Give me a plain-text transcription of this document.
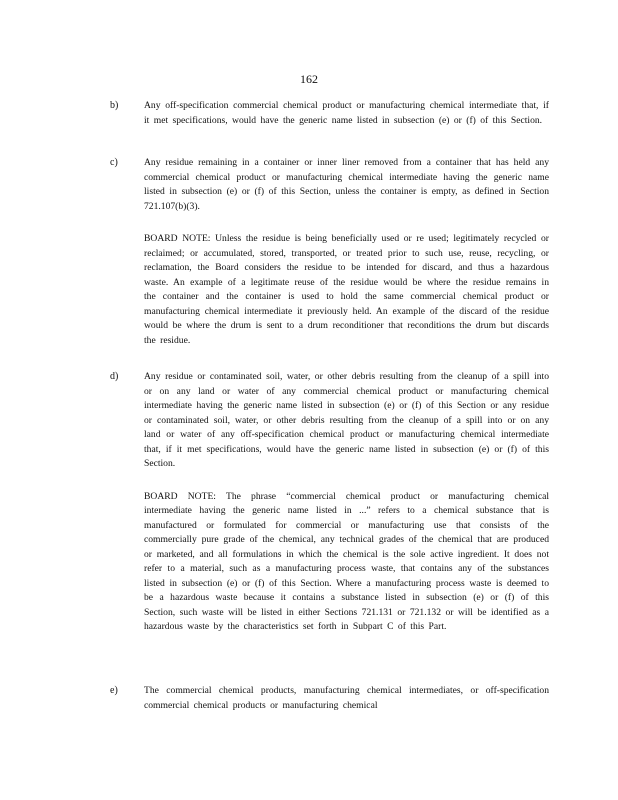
162
b)	Any off-specification commercial chemical product or manufacturing chemical intermediate that, if it met specifications, would have the generic name listed in subsection (e) or (f) of this Section.

c)	Any residue remaining in a container or inner liner removed from a container that has held any commercial chemical product or manufacturing chemical intermediate having the generic name listed in subsection (e) or (f) of this Section, unless the container is empty, as defined in Section 721.107(b)(3).

BOARD NOTE: Unless the residue is being beneficially used or re used; legitimately recycled or reclaimed; or accumulated, stored, transported, or treated prior to such use, reuse, recycling, or reclamation, the Board considers the residue to be intended for discard, and thus a hazardous waste. An example of a legitimate reuse of the residue would be where the residue remains in the container and the container is used to hold the same commercial chemical product or manufacturing chemical intermediate it previously held. An example of the discard of the residue would be where the drum is sent to a drum reconditioner that reconditions the drum but discards the residue.

d)	Any residue or contaminated soil, water, or other debris resulting from the cleanup of a spill into or on any land or water of any commercial chemical product or manufacturing chemical intermediate having the generic name listed in subsection (e) or (f) of this Section or any residue or contaminated soil, water, or other debris resulting from the cleanup of a spill into or on any land or water of any off-specification chemical product or manufacturing chemical intermediate that, if it met specifications, would have the generic name listed in subsection (e) or (f) of this Section.

BOARD NOTE: The phrase “commercial chemical product or manufacturing chemical intermediate having the generic name listed in ...” refers to a chemical substance that is manufactured or formulated for commercial or manufacturing use that consists of the commercially pure grade of the chemical, any technical grades of the chemical that are produced or marketed, and all formulations in which the chemical is the sole active ingredient. It does not refer to a material, such as a manufacturing process waste, that contains any of the substances listed in subsection (e) or (f) of this Section. Where a manufacturing process waste is deemed to be a hazardous waste because it contains a substance listed in subsection (e) or (f) of this Section, such waste will be listed in either Sections 721.131 or 721.132 or will be identified as a hazardous waste by the characteristics set forth in Subpart C of this Part.

e)	The commercial chemical products, manufacturing chemical intermediates, or off-specification commercial chemical products or manufacturing chemical
